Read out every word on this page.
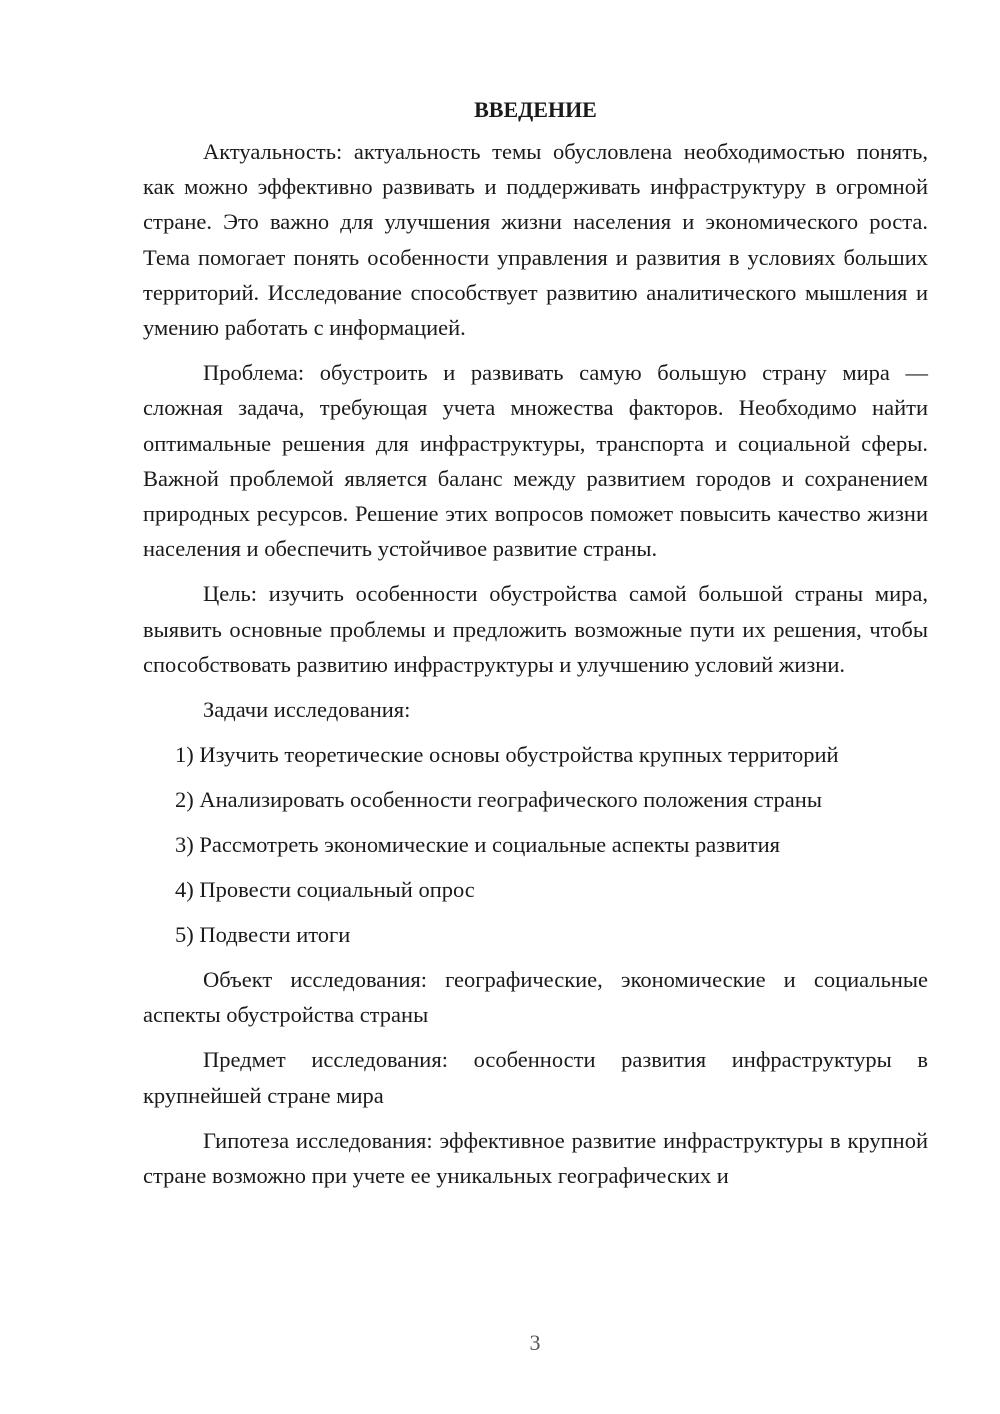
ВВЕДЕНИЕ

Актуальность: актуальность темы обусловлена необходимостью понять, как можно эффективно развивать и поддерживать инфраструктуру в огромной стране. Это важно для улучшения жизни населения и экономического роста. Тема помогает понять особенности управления и развития в условиях больших территорий. Исследование способствует развитию аналитического мышления и умению работать с информацией.

Проблема: обустроить и развивать самую большую страну мира — сложная задача, требующая учета множества факторов. Необходимо найти оптимальные решения для инфраструктуры, транспорта и социальной сферы. Важной проблемой является баланс между развитием городов и сохранением природных ресурсов. Решение этих вопросов поможет повысить качество жизни населения и обеспечить устойчивое развитие страны.

Цель: изучить особенности обустройства самой большой страны мира, выявить основные проблемы и предложить возможные пути их решения, чтобы способствовать развитию инфраструктуры и улучшению условий жизни.

Задачи исследования:

1) Изучить теоретические основы обустройства крупных территорий
2) Анализировать особенности географического положения страны
3) Рассмотреть экономические и социальные аспекты развития
4) Провести социальный опрос
5) Подвести итоги

Объект исследования: географические, экономические и социальные аспекты обустройства страны

Предмет исследования: особенности развития инфраструктуры в крупнейшей стране мира

Гипотеза исследования: эффективное развитие инфраструктуры в крупной стране возможно при учете ее уникальных географических и

3
